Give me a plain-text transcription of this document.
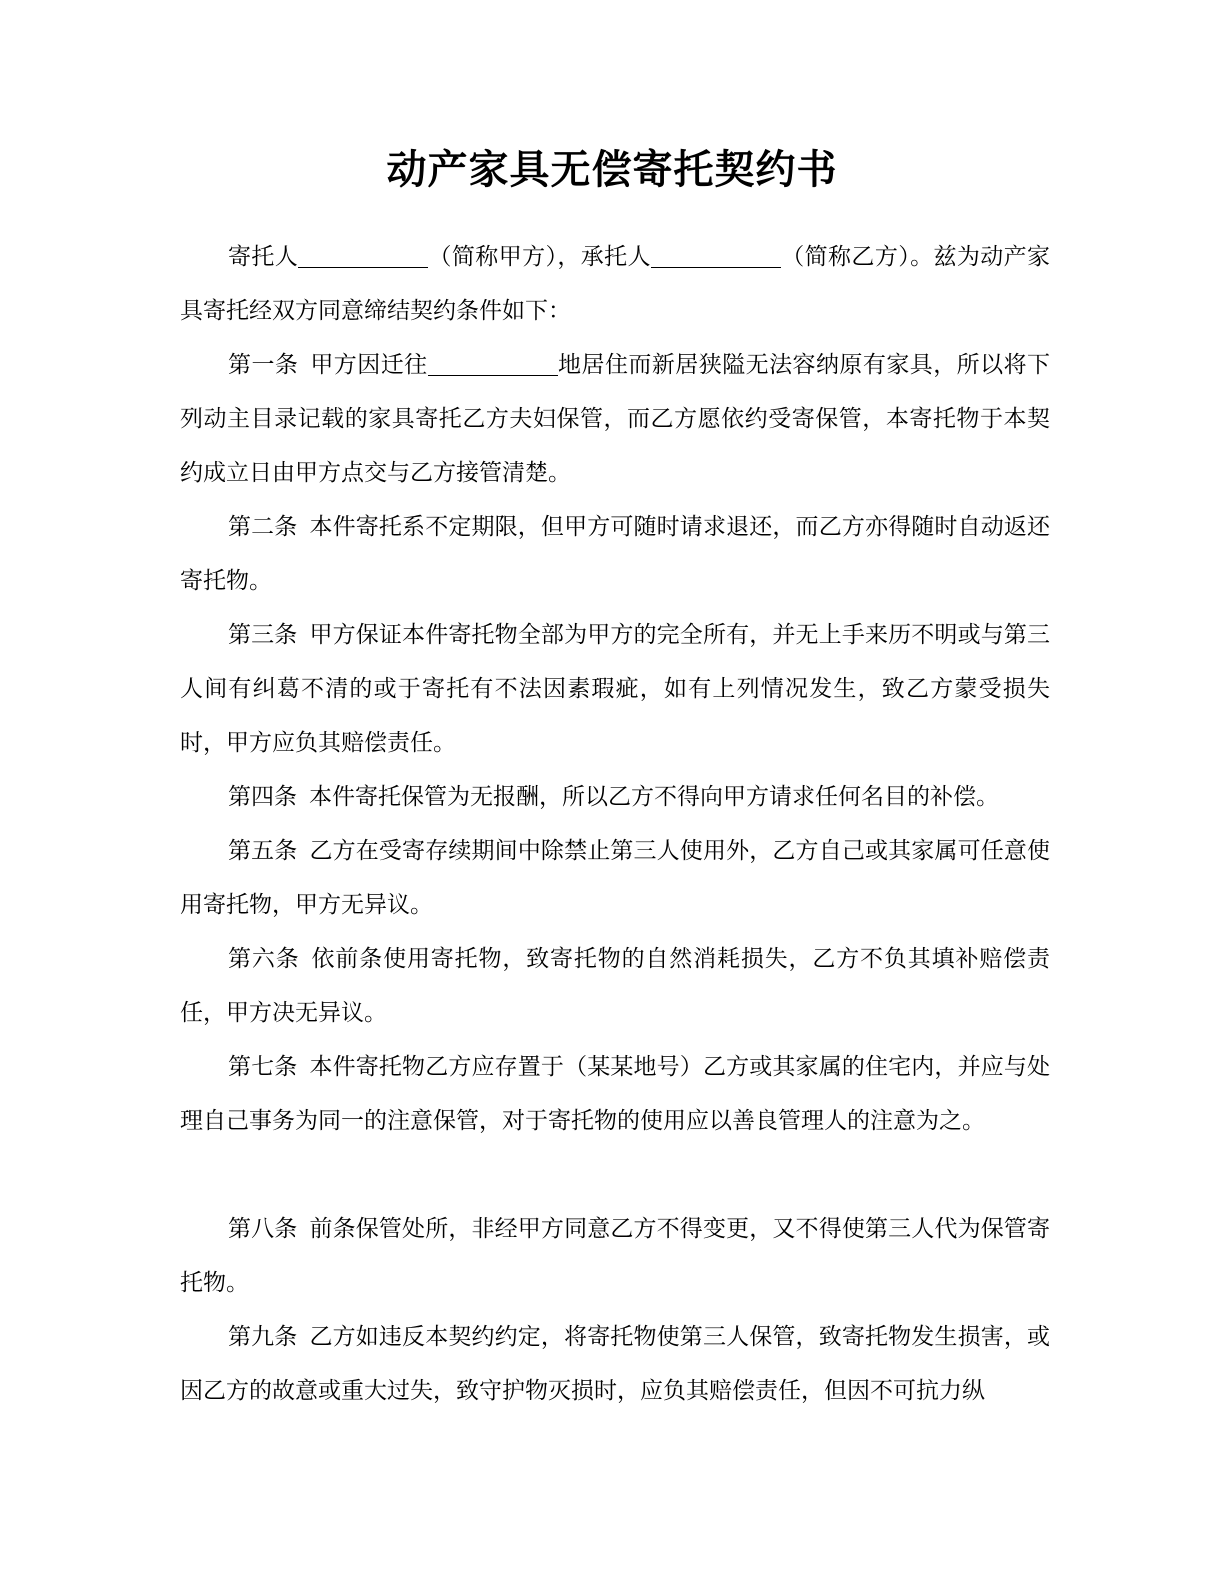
动产家具无偿寄托契约书

寄托人	（简称甲方），承托人	（简称乙方）。兹为动产家具寄托经双方同意缔结契约条件如下：

第一条 甲方因迁往	地居住而新居狭隘无法容纳原有家具，所以将下列动主目录记载的家具寄托乙方夫妇保管，而乙方愿依约受寄保管，本寄托物于本契约成立日由甲方点交与乙方接管清楚。

第二条 本件寄托系不定期限，但甲方可随时请求退还，而乙方亦得随时自动返还寄托物。

第三条 甲方保证本件寄托物全部为甲方的完全所有，并无上手来历不明或与第三人间有纠葛不清的或于寄托有不法因素瑕疵，如有上列情况发生，致乙方蒙受损失时，甲方应负其赔偿责任。

第四条 本件寄托保管为无报酬，所以乙方不得向甲方请求任何名目的补偿。

第五条 乙方在受寄存续期间中除禁止第三人使用外，乙方自己或其家属可任意使用寄托物，甲方无异议。

第六条 依前条使用寄托物，致寄托物的自然消耗损失，乙方不负其填补赔偿责任，甲方决无异议。

第七条 本件寄托物乙方应存置于（某某地号）乙方或其家属的住宅内，并应与处理自己事务为同一的注意保管，对于寄托物的使用应以善良管理人的注意为之。

第八条 前条保管处所，非经甲方同意乙方不得变更，又不得使第三人代为保管寄托物。

第九条 乙方如违反本契约约定，将寄托物使第三人保管，致寄托物发生损害，或因乙方的故意或重大过失，致守护物灭损时，应负其赔偿责任，但因不可抗力纵
